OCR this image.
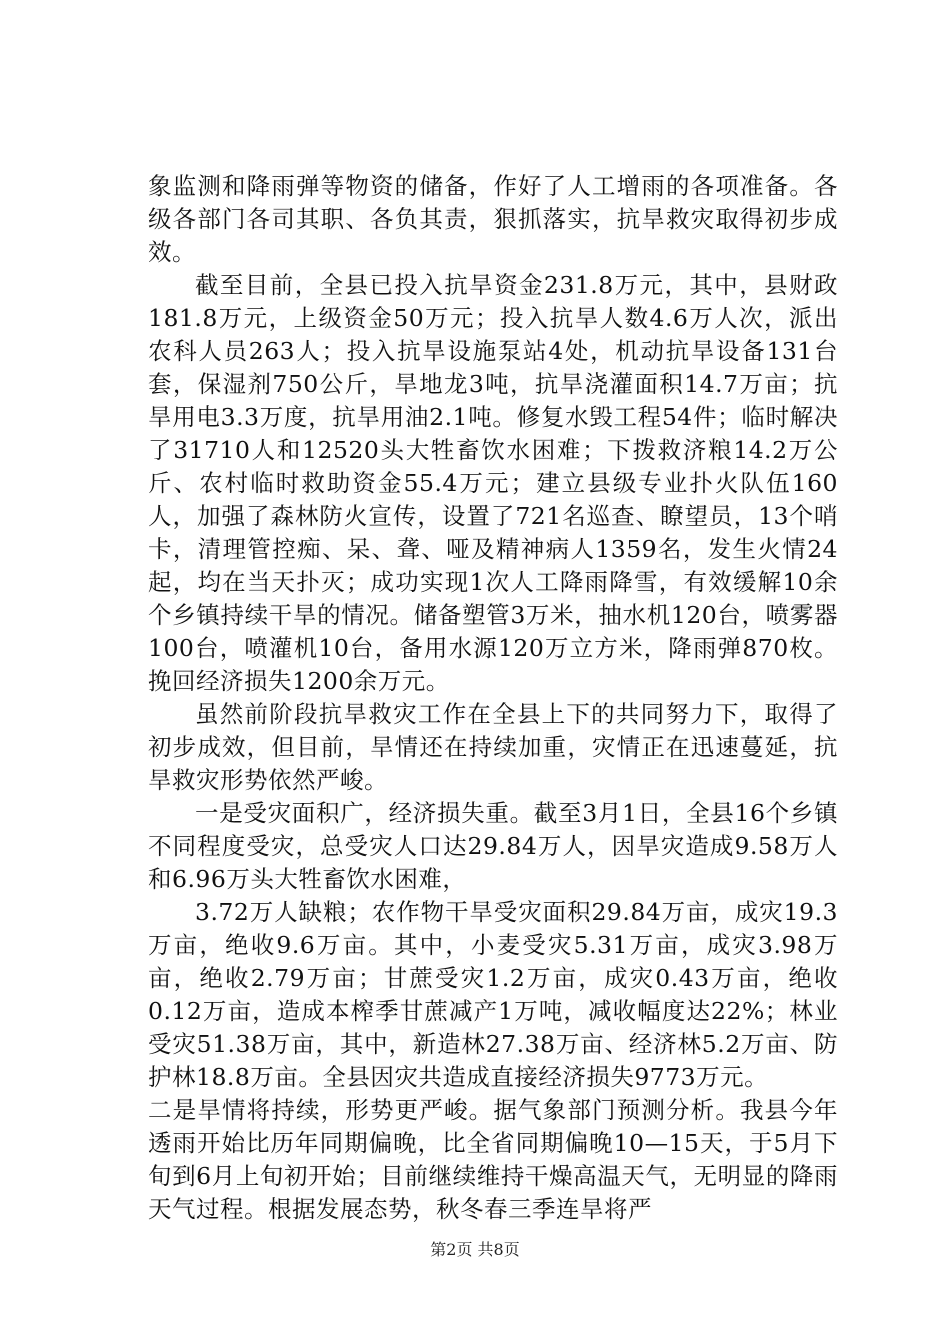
象监测和降雨弹等物资的储备，作好了人工增雨的各项准备。各级各部门各司其职、各负其责，狠抓落实，抗旱救灾取得初步成效。

截至目前，全县已投入抗旱资金231.8万元，其中，县财政181.8万元，上级资金50万元；投入抗旱人数4.6万人次，派出农科人员263人；投入抗旱设施泵站4处，机动抗旱设备131台套，保湿剂750公斤，旱地龙3吨，抗旱浇灌面积14.7万亩；抗旱用电3.3万度，抗旱用油2.1吨。修复水毁工程54件；临时解决了31710人和12520头大牲畜饮水困难；下拨救济粮14.2万公斤、农村临时救助资金55.4万元；建立县级专业扑火队伍160人，加强了森林防火宣传，设置了721名巡查、瞭望员，13个哨卡，清理管控痴、呆、聋、哑及精神病人1359名，发生火情24起，均在当天扑灭；成功实现1次人工降雨降雪，有效缓解10余个乡镇持续干旱的情况。储备塑管3万米，抽水机120台，喷雾器100台，喷灌机10台，备用水源120万立方米，降雨弹870枚。挽回经济损失1200余万元。

虽然前阶段抗旱救灾工作在全县上下的共同努力下，取得了初步成效，但目前，旱情还在持续加重，灾情正在迅速蔓延，抗旱救灾形势依然严峻。

一是受灾面积广，经济损失重。截至3月1日，全县16个乡镇不同程度受灾，总受灾人口达29.84万人，因旱灾造成9.58万人和6.96万头大牲畜饮水困难，

3.72万人缺粮；农作物干旱受灾面积29.84万亩，成灾19.3万亩，绝收9.6万亩。其中，小麦受灾5.31万亩，成灾3.98万亩，绝收2.79万亩；甘蔗受灾1.2万亩，成灾0.43万亩，绝收0.12万亩，造成本榨季甘蔗减产1万吨，减收幅度达22%；林业受灾51.38万亩，其中，新造林27.38万亩、经济林5.2万亩、防护林18.8万亩。全县因灾共造成直接经济损失9773万元。

二是旱情将持续，形势更严峻。据气象部门预测分析。我县今年透雨开始比历年同期偏晚，比全省同期偏晚10—15天，于5月下旬到6月上旬初开始；目前继续维持干燥高温天气，无明显的降雨天气过程。根据发展态势，秋冬春三季连旱将严

第2页 共8页
